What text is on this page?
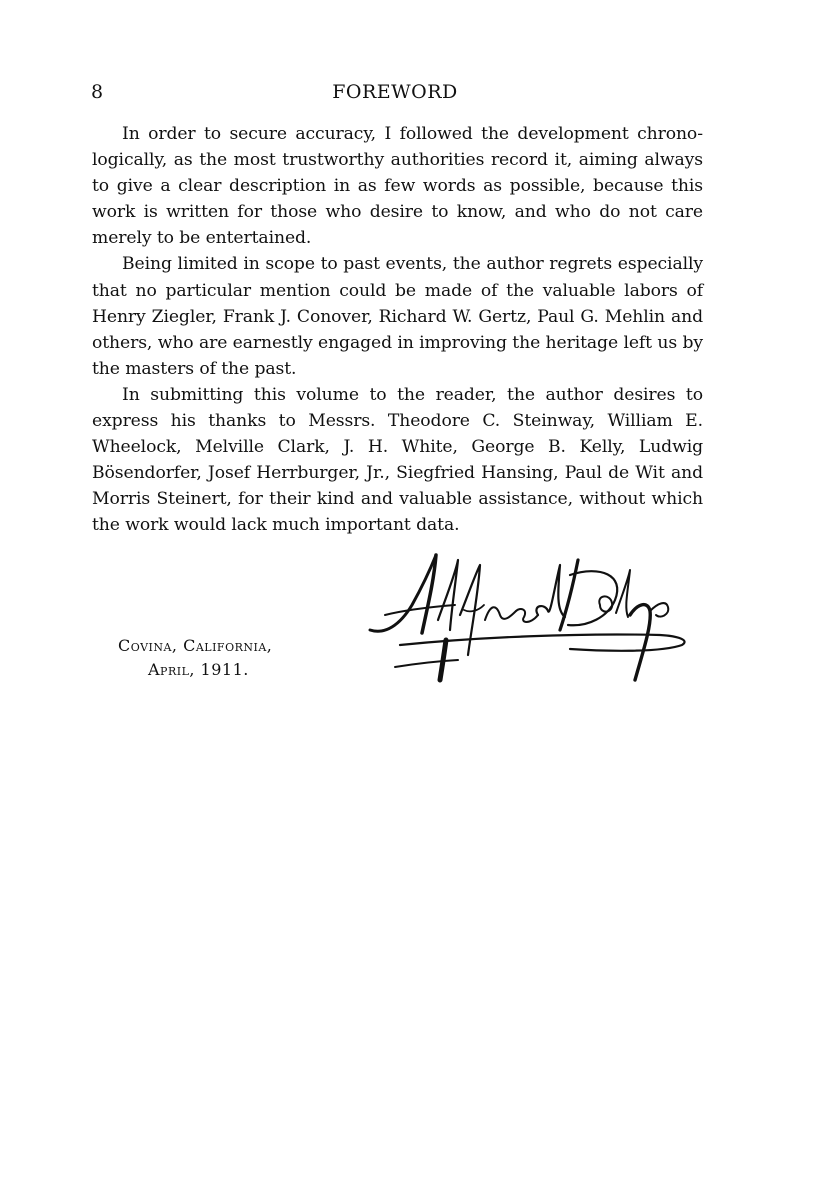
8	FOREWORD

In order to secure accuracy, I followed the development chronologically, as the most trustworthy authorities record it, aiming always to give a clear description in as few words as possible, because this work is written for those who desire to know, and who do not care merely to be entertained.

Being limited in scope to past events, the author regrets especially that no particular mention could be made of the valuable labors of Henry Ziegler, Frank J. Conover, Richard W. Gertz, Paul G. Mehlin and others, who are earnestly engaged in improving the heritage left us by the masters of the past.

In submitting this volume to the reader, the author desires to express his thanks to Messrs. Theodore C. Steinway, William E. Wheelock, Melville Clark, J. H. White, George B. Kelly, Ludwig Bösendorfer, Josef Herrburger, Jr., Siegfried Hansing, Paul de Wit and Morris Steinert, for their kind and valuable assistance, without which the work would lack much important data.

Covina, California,
April, 1911.
